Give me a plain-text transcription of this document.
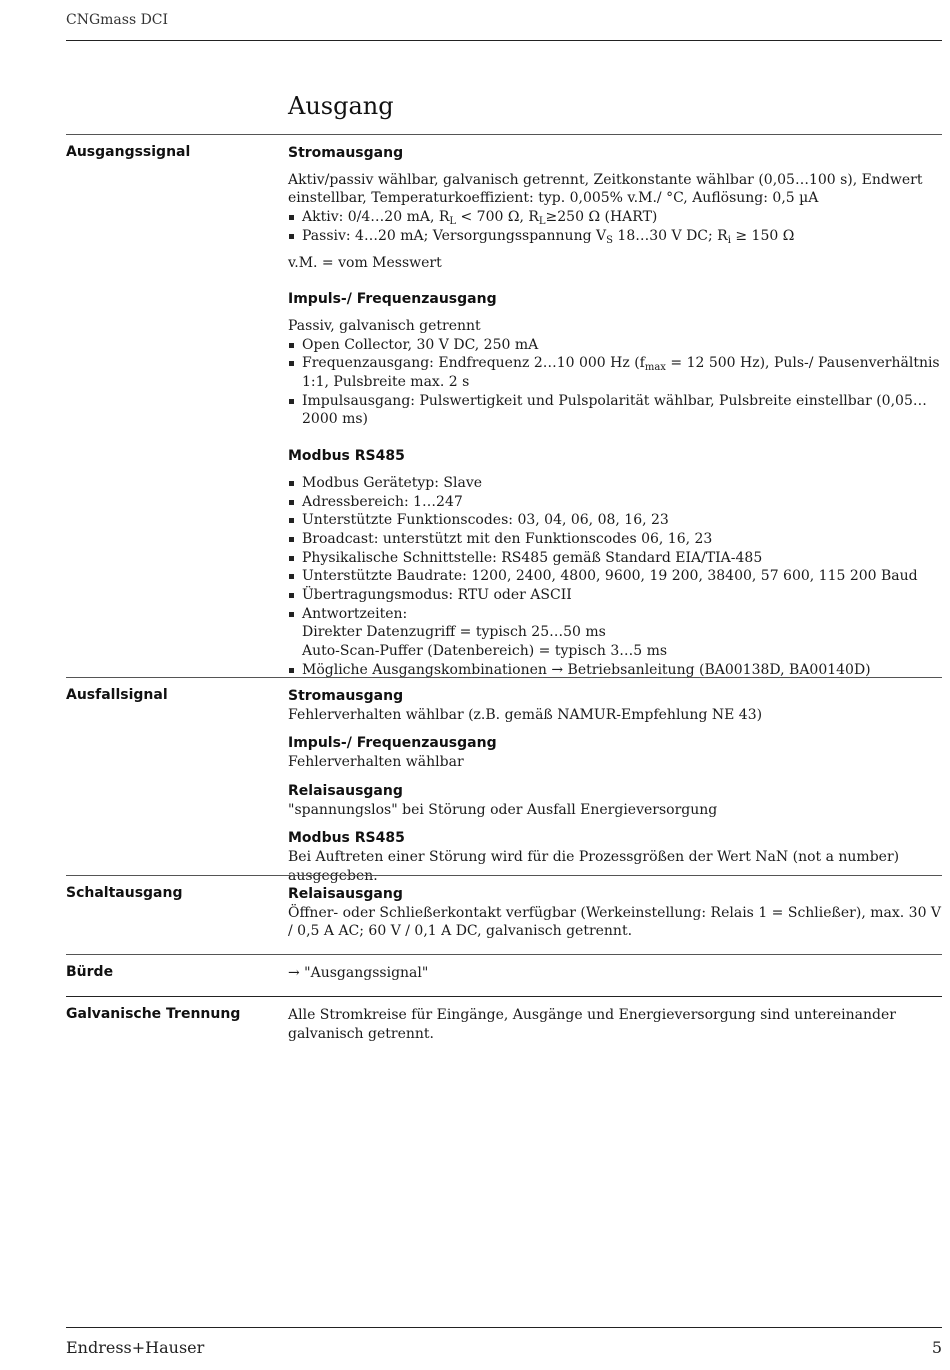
CNGmass DCI
Ausgang
Ausgangssignal	Stromausgang

Aktiv/passiv wählbar, galvanisch getrennt, Zeitkonstante wählbar (0,05…100 s), Endwert einstellbar, Temperaturkoeffizient: typ. 0,005% v.M./ °C, Auflösung: 0,5 µA

Aktiv: 0/4…20 mA, $R_L < 700$ Ω, $R_L\ge 250$ Ω (HART)
Passiv: 4…20 mA; Versorgungsspannung $V_S$ 18…30 V DC; $R_i \ge 150$ Ω

v.M. = vom Messwert

Impuls-/ Frequenzausgang

Passiv, galvanisch getrennt

Open Collector, 30 V DC, 250 mA
Frequenzausgang: Endfrequenz 2…10 000 Hz ($f_{max} = 12$ 500 Hz), Puls-/ Pausenverhältnis 1:1, Pulsbreite max. 2 s
Impulsausgang: Pulswertigkeit und Pulspolarität wählbar, Pulsbreite einstellbar (0,05…2000 ms)
Modbus RS485
Modbus Gerätetyp: Slave
Adressbereich: 1…247
Unterstützte Funktionscodes: 03, 04, 06, 08, 16, 23
Broadcast: unterstützt mit den Funktionscodes 06, 16, 23
Physikalische Schnittstelle: RS485 gemäß Standard EIA/TIA-485
Unterstützte Baudrate: 1200, 2400, 4800, 9600, 19 200, 38400, 57 600, 115 200 Baud
Übertragungsmodus: RTU oder ASCII
Antwortzeiten:
Direkter Datenzugriff = typisch 25…50 ms
Auto-Scan-Puffer (Datenbereich) = typisch 3…5 ms
Mögliche Ausgangskombinationen → Betriebsanleitung (BA00138D, BA00140D)
Ausfallsignal	Stromausgang

Fehlerverhalten wählbar (z.B. gemäß NAMUR-Empfehlung NE 43)

Impuls-/ Frequenzausgang

Fehlerverhalten wählbar

Relaisausgang

"spannungslos" bei Störung oder Ausfall Energieversorgung

Modbus RS485

Bei Auftreten einer Störung wird für die Prozessgrößen der Wert NaN (not a number) ausgegeben.

Schaltausgang	Relaisausgang

Öffner- oder Schließerkontakt verfügbar (Werkeinstellung: Relais 1 = Schließer), max. 30 V / 0,5 A AC; 60 V / 0,1 A DC, galvanisch getrennt.

Bürde	→ "Ausgangssignal"

Galvanische Trennung	Alle Stromkreise für Eingänge, Ausgänge und Energieversorgung sind untereinander galvanisch getrennt.

Endress+Hauser	5
